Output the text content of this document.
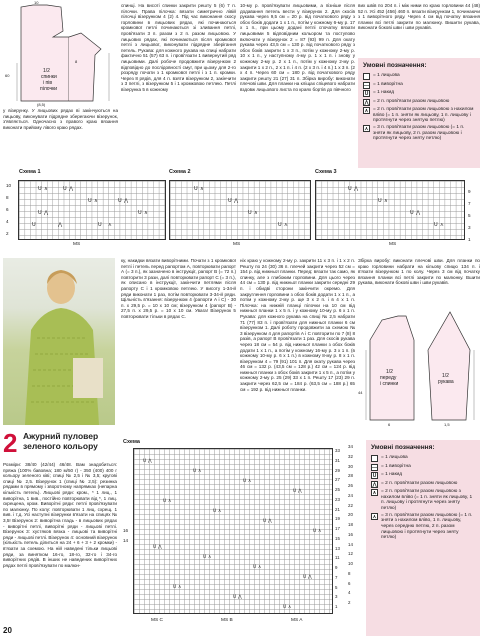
1/2
спинки
і пів
пілочки
10
60
(8,5)
8

у візерунку. У лицьових рядах ві закінчуються на лицьову, виконувати підрядне зберегаючи візерунок, з'являється. Одночасно з правого краю вязання виконати прийому лівого краю рядах.

спинці. На висоті спинки закрити решту 5 (6) 7 п. пілочки. Права пілочка: вязати симетрично лівій пілочці візерунком 4 (2) 4. Під час виконання скосу горловини в лицьових рядах, які починаються кромкової петлі починаються зі зливання петлі, прові'язати 3 п. разом з 2 п. разом лицьовою. У лицьових рядах, які починаються після кромкової петлі з лицьової, виконувати підрядне зберігання петель. Рукава: для кожного рукава на спиці набрати фактично 51 (57) 63 п. і прові'язати 1 вивернутий ряд лицьовими. Далі робоче продовжити візерунком 2 відповідно до послідовності смуг, при цьому для 2-го розряду почати з 1 кромкової петлі і з 1 п. кромки. Через 8 рядів, для 4 п. взяти візерунком 2, закінчити з 3 петлі, з візерунком 5 і 1 кромковою петлею. Петлі візерунка 5 в кожному

10-му р. прові'язувати лицьовими, а пізніше після додавання петель вести у візерунок 2. Для скосів рукава через 9,5 см = 20 р. від початкового ряду з обох боків додати 1 х 1 п., потім у кожному 6-му р. 17 х 1 п., при цьому додані петлі спочатку вязати лицьовими 5 відповідним кольором та поступово включати у візерунок 2 = 87 (93) 99 п. Для окату рукава через 43,5 см = 130 р. від початкового ряду з обох боків закрити 1 х 3 п., потім у кожному 2-му р. 10 х 1 п., у наступному 4-му р. 1 х 1 п. і знову у кожному 2-му р. 2 х 1 п., потім у кожному 2-му р. закрити 1 х 2 п., 2 х 1 п. і 4 п. (2 х 3 п. і 4 п.) 1 х 3 п. (2 х 4 п. Через 60 см = 180 р. від початкового ряду закрити решту 21 (27) 31 п. Збірка виробу: виконати плечові шви. Для планки на кліщах спіцевого набрати вздовж лицьового листа по краях бортів до півчного

вих швів по 204 п. і між ними по краю горловини 44 (48) 52 п. Усі 452 (456) 460 п. вязати візерунком 1, починаючи з 1 виворітного ряду. Через 4 см від початку вязання планки всі петлі закрити по малюнку. Вишити рукава, виконати бокові шви і шви рукавів.

Умовні позначення:
= 1 лицьова
— = 1 виворітна
U = 1 накид
⋀ = 2 п. прові'язати разом лицьовою
∧ = 2 п. прові'язати разом лицьовою з нахилом вліво (= 1 п. зняти як лицьову, 1 п. лицьову і протягнути через знятую петлю)
⋏ = 3 п. прові'язати разом лицьовою (= 1 п. зняти як лицьову, 2 п. разом лицьовою і протягнути через зняту петлю)
Схема 1	Схема 2	Схема 3
10
8
6
4
2
U ∧	U ⋀
U ∧	U ⋀
U ⋀	U ∧
U	⋀	U ⋏
U ∧
U ⋀
U ∧
U ⋏
U ⋀
U ∧
U ⋀
U ⋏
9
7
5
3
1
MS	MS	MS
2 Ажурний пуловер
зеленого кольору

Розміри: 38/40 (42/44) 46/48. Вам знадобиться: пряжа (100% бавовна; 180 м/50 г) - 350 (400) 400 г кольору зеленого ківі; спиці № 2,5 і № 3,5; кругові спиці № 2,5. Візерунок 1 (спиці № 2,5): резинка рядами в прямому і зворотному напрямках (непарна кількість петель). Лицьові ряди: кром., * 1 лиц., 1 виворітна, 1 вив., постійно повторювати від *, 1 лиц. скрещена, кром. Виворітні ряди: петлі прові'язувати по малюнку. По колу: повторювати 1 лиц. схрещ. 1 вив. і т.д. Усі наступні візерунки в'язати на спицях № 3,5! Візерунок 2: виворітна гладь - в лицьових рядах - виворітні петлі, виворітні ряди - лицьові петлі. Візерунок 3: хустяков вязка - лицьові та виворітні ряди - лицьові петлі. Візерунок 4: основний візерунок (кількість петель ділиться на 24 + 6 + 3 + 2 кромки) - в'язати за схемою. На ній наведені тільки лицьові ряди, за винятком 16-го, 18-го, 32-го і 34-го виворітних рядів. В інших не наведених виворітних рядах петлі прові'язувати по малюн-

ку, накидки вязати виворітними. Почати з 1 кромкової петлі і петель перед рапортом А, повторювати рапорт А (= 3 п.), як зазначено в інструкції, рапорт В (= 72 п.) повторити 3 рази, далі повторювати рапорт C (= 3 п.), як описано в інструкції, закінчити петлями після рапорту С і 1 кромковою петлею. У висоту 1-34-й ряди виконати 1 раз, потім повторювати 3-34-й ряди. Щільність в'язання: візерунком 4 (рапорти A і C) - 30 п. х 29,5 р. = 10 х 10 см; візерунком 4 (рапорт В) - 27,5 п. х 29,5 р. = 10 х 10 см. Увага! Візерунок 5 повторювати тільки в рядах С.

ніх краю у кожному 2-му р. закрити 11 х 3 п. і 1 х 2 п. Решту по 24 (30) 36 п. плечей закрити через 52 см = 154 р. від нижньої планки. Перед: вязати так само, як спинку, але з глибоким горловини. Для цього через 44 см = 130 р. від нижньої планки закрити середні 29 п. і обидві сторони закінчити окремо. Для закруглення горловини з обох боків додати 1 х 1 п., а потім у кожному 2-му р. ще 3 х 2 п. і в 4 х 1 п. Пілочка: на нижній планці пілочки на 10 см від нижньої планки 1 х 5 п. і у кожному 10-му р. 6 х 1 п. Рукава: для кожного рукава на спиці № 2,5 набрати 71 (77) 83 п. і прові'язати для нижньої планки 6 см візерунком 1. Далі роботу продовжити за схемою № 3 візерунком 4 для рапортів А і С повторити по 7 (8) 8 разів, а рапорт B прові'язати 1 раз. Для скосів рукава через 18 см = 54 р. від нижньої планки з обох боків додати 1 х 1 п., а потім у кожному 16-му р. 3 х 1 п. (в кожному 10-му р. 6 х 1 п.) в кожному 8-му р. 8 х 1 п. візерунком 4 = 79 (91) 101 п. Для окату рукава через 46 см = 132 р. (43,5 см = 128 р.) 42 см = 124 р. від нижньої планки з обох боків закрити 1 х 5 п., а потім у кожному 2-му р. 25 (29) 33 х 1 п. Решту 17 (23) 29 п. закрити через 62,5 см = 184 р. (63,5 см = 188 р.) 65 см = 192 р. від нижньої планки.

Збірка виробу: виконати плечові шви. Для планки по краю горловини набрати на кільову спицю 134 п. і в'язати візерунком 1 по колу. Через 3 см від початку вязання планки всі петлі закрити по малюнку. Вшити рукава, виконати бокові шви і шви рукавів.

1/2
переду
і спинки
1/2
рукава
44
6	1,5
Схема
16
14
U ⋀
U ∧
U ⋏
U ⋀
U ∧
U ⋏
U ⋀
U ∧
U ⋀
U ∧
U ⋏
U ⋀
U ∧
U ⋀
U ⋏
33
31
29
27
25
23
21
19
17
15
13
11
9
7
5
3
1
34
32
30
28
26
24
22
20
18
16
14
12
10
8
6
4
2
MS C	MS B	MS A
Умовні позначення:
= 1 лицьова
— = 1 виворітна
U = 1 накид
⋀ = 2 п. прові'язати разом лицьовою
∧ = 2 п. прові'язати разом лицьовою з нахилом вліво (= 1 п. зняти як лицьову, 1 п. лицьову і протягнути через зняту петлю)
⋏ = 3 п. прові'язати разом лицьовою (= 1 п. зняти з нахилом вліво, 1 п. лицьову, через середню петлю, 2 п. разом лицьовою і протягнути через зняту петлю)
20
